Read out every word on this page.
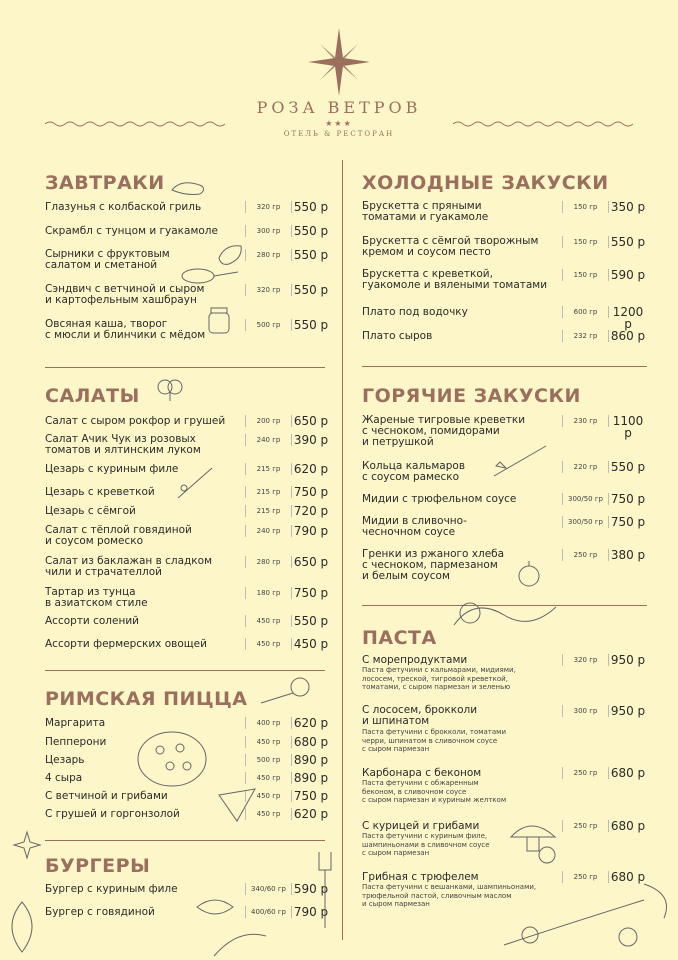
РОЗА ВЕТРОВ
★★★
ОТЕЛЬ & РЕСТОРАН
ЗАВТРАКИ
САЛАТЫ
РИМСКАЯ ПИЦЦА
БУРГЕРЫ
ХОЛОДНЫЕ ЗАКУСКИ
ГОРЯЧИЕ ЗАКУСКИ
ПАСТА
Глазунья с колбаской гриль	320 гр	550 р
Скрамбл с тунцом и гуакамоле	300 гр	550 р
Сырники с фруктовым
салатом и сметаной
280 гр	550 р
Сэндвич с ветчиной и сыром
и картофельным хашбраун
320 гр	550 р
Овсяная каша, творог
с мюсли и блинчики с мёдом
500 гр	550 р
Салат с сыром рокфор и грушей	200 гр	650 р
Салат Ачик Чук из розовых
томатов и ялтинским луком
240 гр	390 р
Цезарь с куриным филе	215 гр	620 р
Цезарь с креветкой	215 гр	750 р
Цезарь с сёмгой	215 гр	720 р
Салат с тёплой говядиной
и соусом ромеско
240 гр	790 р
Салат из баклажан в сладком
чили и страчателлой
280 гр	650 р
Тартар из тунца
в азиатском стиле
180 гр	750 р
Ассорти солений	450 гр	550 р
Ассорти фермерских овощей	450 гр	450 р
Маргарита	400 гр	620 р
Пепперони	450 гр	680 р
Цезарь	500 гр	890 р
4 сыра	450 гр	890 р
С ветчиной и грибами	450 гр	750 р
С грушей и горгонзолой	450 гр	620 р
Бургер с куриным филе	340/60 гр 590 р
Бургер с говядиной	400/60 гр 790 р
Брускетта с пряными
томатами и гуакамоле
150 гр	350 р
Брускетта с сёмгой творожным
кремом и соусом песто
150 гр	550 р
Брускетта с креветкой,
гуакомоле и вялеными томатами
150 гр	590 р
Плато под водочку	600 гр	1200 р
Плато сыров	232 гр	860 р
Жареные тигровые креветки
с чесноком, помидорами
и петрушкой
230 гр	1100 р
Кольца кальмаров
с соусом рамеско
220 гр	550 р
Мидии с трюфельном соусе	300/50 гр 750 р
Мидии в сливочно-
чесночном соусе
300/50 гр 750 р
Гренки из ржаного хлеба
с чесноком, пармезаном
и белым соусом
250 гр	380 р
С морепродуктами
Паста фетучини с кальмарами, мидиями,
лососем, треской, тигровой креветкой,
томатами, с сыром пармезан и зеленью
320 гр	950 р
С лососем, брокколи
и шпинатом
Паста фетучини с брокколи, томатами
черри, шпинатом в сливочном соусе
с сыром пармезан
300 гр	950 р
Карбонара с беконом
Паста фетучини с обжаренным
беконом, в сливочном соусе
с сыром пармезан и куриным желтком
250 гр	680 р
С курицей и грибами
Паста фетучини с куриным филе,
шампиньонами в сливочном соусе
с сыром пармезан
250 гр	680 р
Грибная с трюфелем
Паста фетучини с вешанками, шампиньонами,
трюфельной пастой, сливочным маслом
и сыром пармезан
250 гр	680 р
